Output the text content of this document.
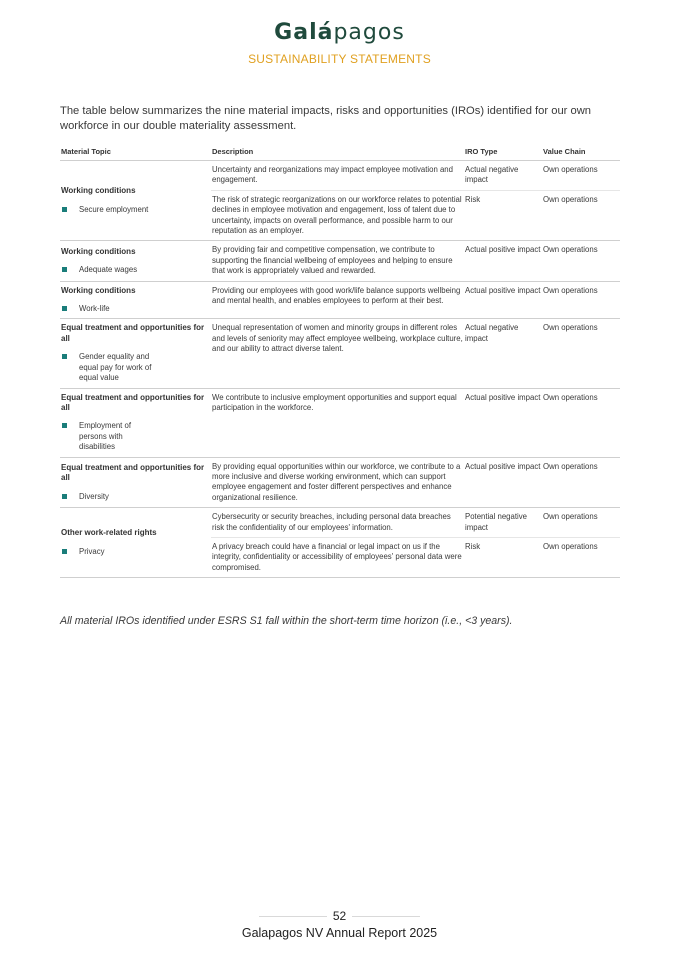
Galápagos
SUSTAINABILITY STATEMENTS

The table below summarizes the nine material impacts, risks and opportunities (IROs) identified for our own workforce in our double materiality assessment.

Material Topic	Description	IRO Type	Value Chain

Working conditions
Secure employment	Uncertainty and reorganizations may impact employee motivation and engagement.	Actual negative impact	Own operations
	The risk of strategic reorganizations on our workforce relates to potential declines in employee motivation and engagement, loss of talent due to uncertainty, impacts on overall performance, and possible harm to our reputation as an employer.	Risk	Own operations

Working conditions
Adequate wages	By providing fair and competitive compensation, we contribute to supporting the financial wellbeing of employees and helping to ensure that work is appropriately valued and rewarded.	Actual positive impact	Own operations

Working conditions
Work-life	Providing our employees with good work/life balance supports wellbeing and mental health, and enables employees to perform at their best.	Actual positive impact	Own operations

Equal treatment and opportunities for all
Gender equality and equal pay for work of equal value	Unequal representation of women and minority groups in different roles and levels of seniority may affect employee wellbeing, workplace culture, and our ability to attract diverse talent.	Actual negative impact	Own operations

Equal treatment and opportunities for all
Employment of persons with disabilities	We contribute to inclusive employment opportunities and support equal participation in the workforce.	Actual positive impact	Own operations

Equal treatment and opportunities for all
Diversity	By providing equal opportunities within our workforce, we contribute to a more inclusive and diverse working environment, which can support employee engagement and foster different perspectives and enhance organizational resilience.	Actual positive impact	Own operations

Other work-related rights
Privacy	Cybersecurity or security breaches, including personal data breaches risk the confidentiality of our employees' information.	Potential negative impact	Own operations
	A privacy breach could have a financial or legal impact on us if the integrity, confidentiality or accessibility of employees' personal data were compromised.	Risk	Own operations
All material IROs identified under ESRS S1 fall within the short-term time horizon (i.e., <3 years).
52
Galapagos NV Annual Report 2025
